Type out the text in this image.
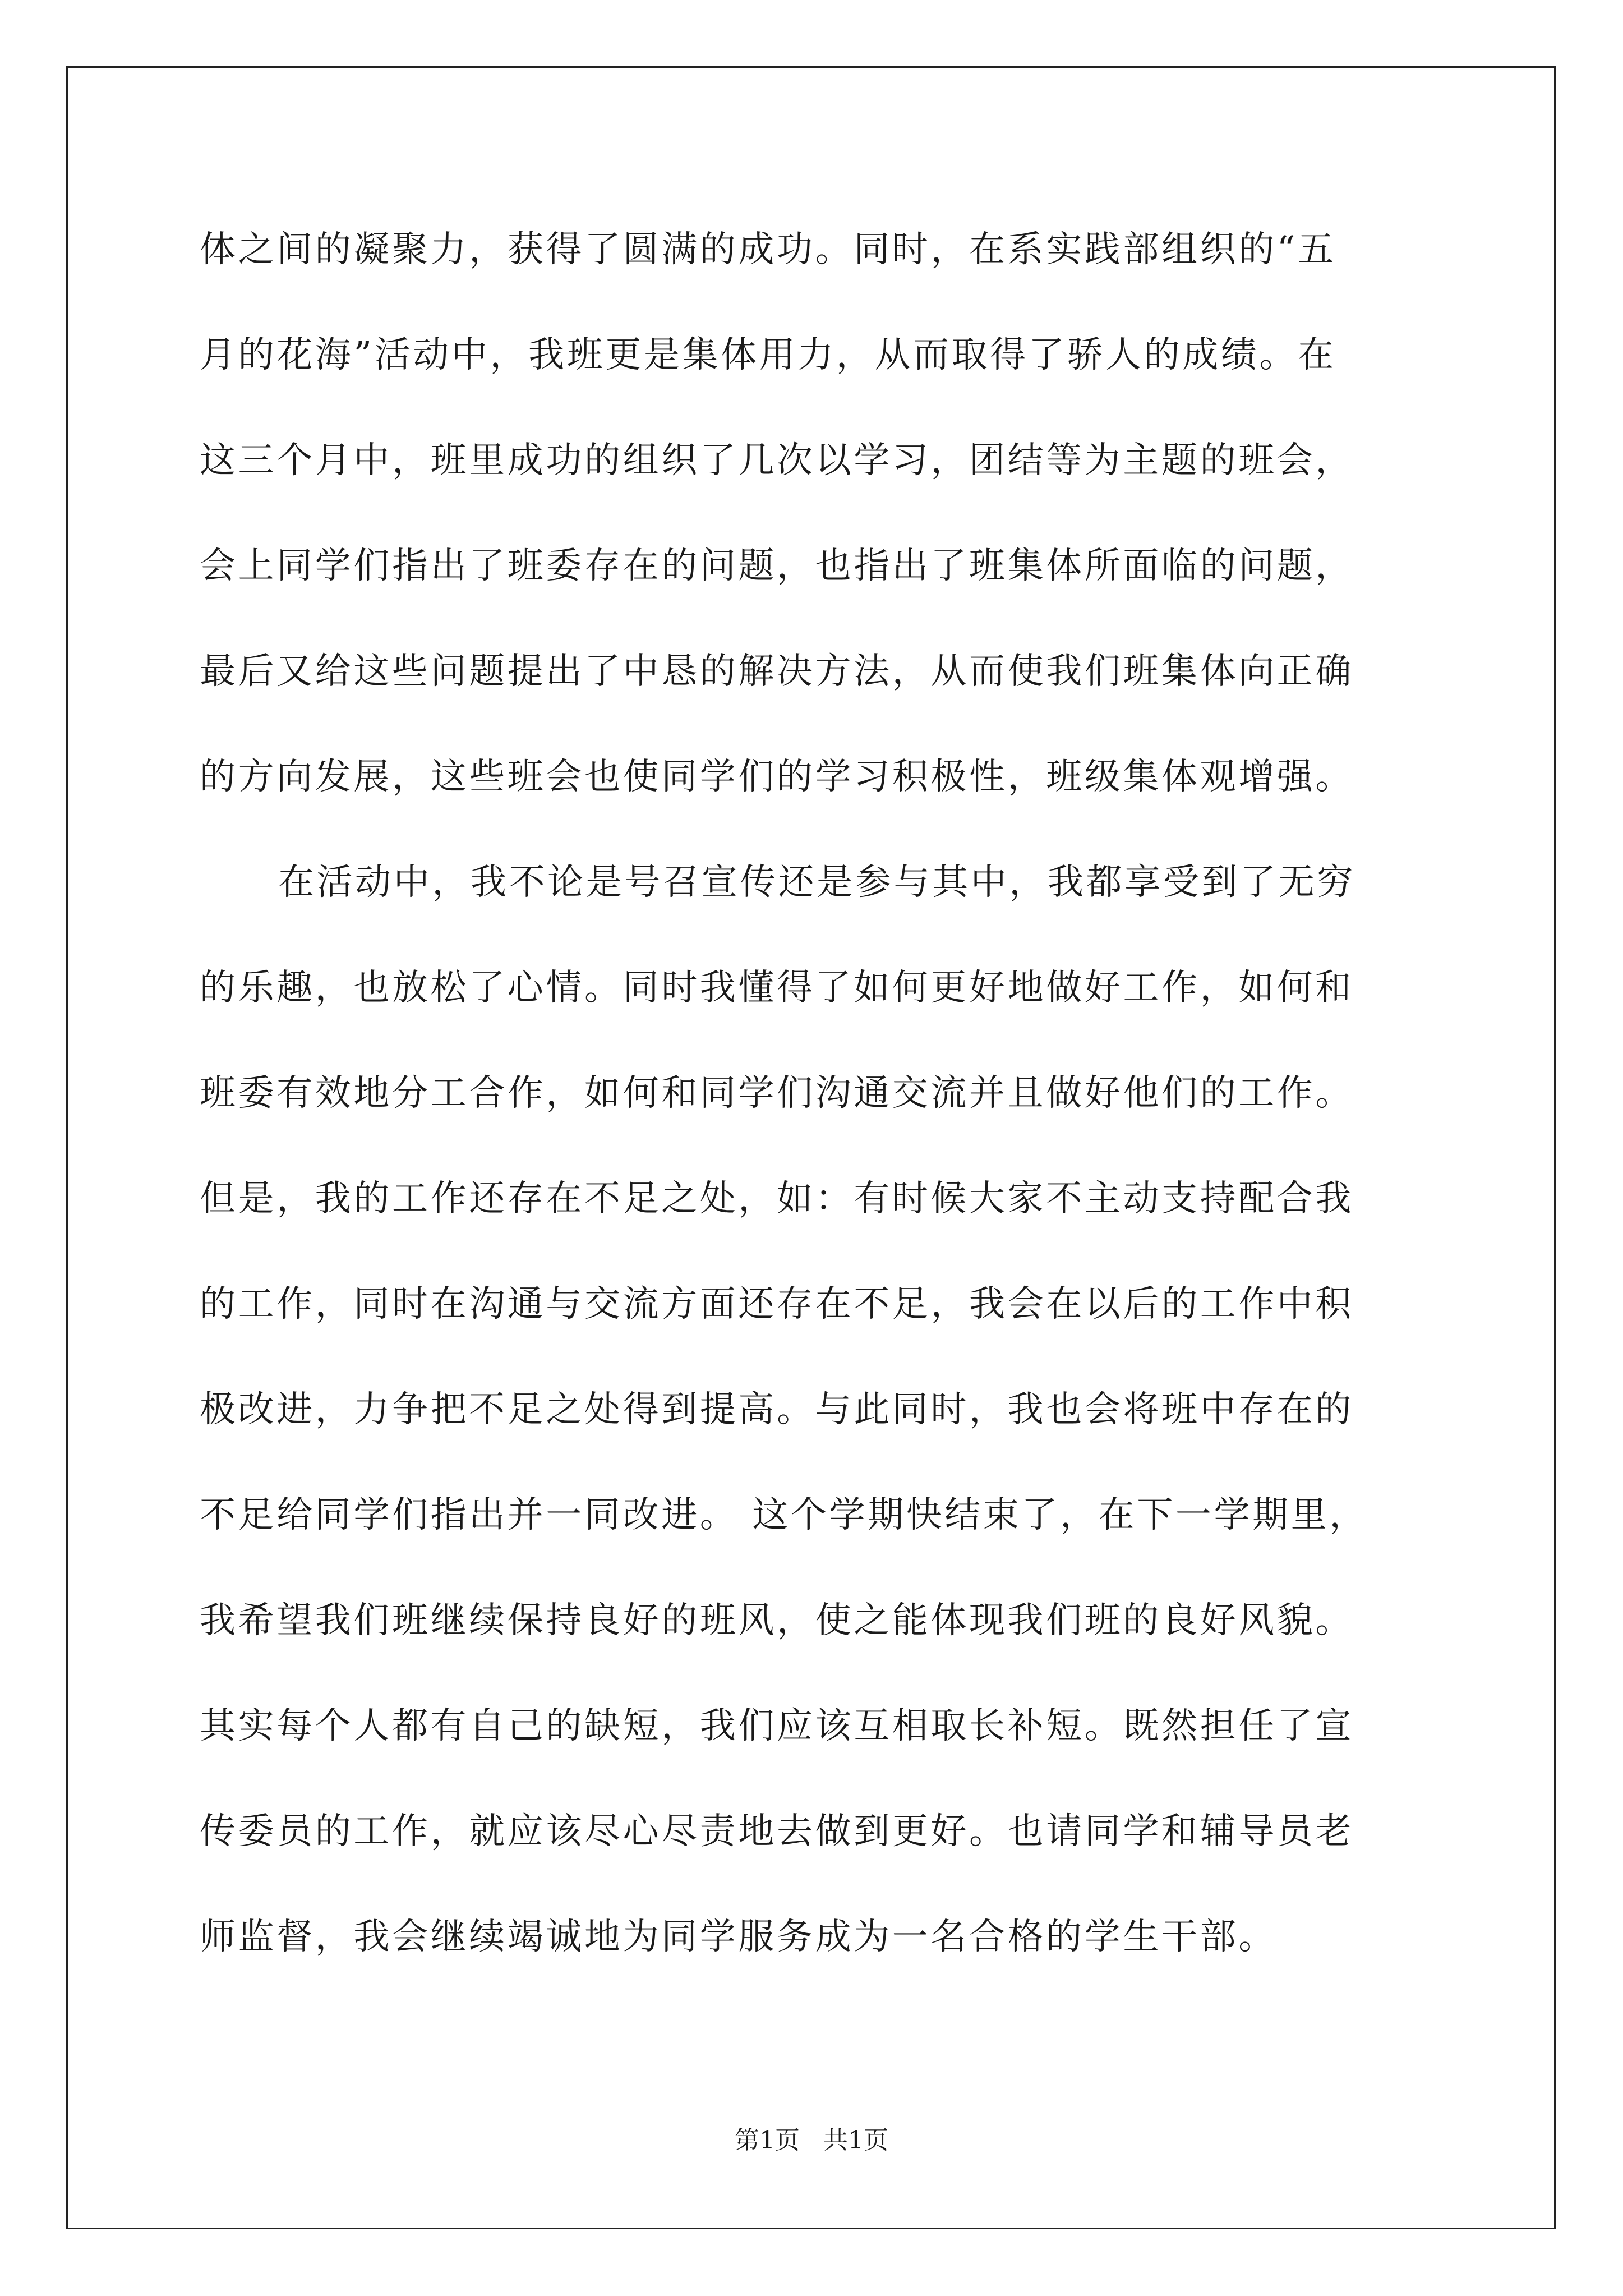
体之间的凝聚力，获得了圆满的成功。同时，在系实践部组织的“五
月的花海”活动中，我班更是集体用力，从而取得了骄人的成绩。在
这三个月中，班里成功的组织了几次以学习，团结等为主题的班会，
会上同学们指出了班委存在的问题，也指出了班集体所面临的问题，
最后又给这些问题提出了中恳的解决方法，从而使我们班集体向正确
的方向发展，这些班会也使同学们的学习积极性，班级集体观增强。
在活动中，我不论是号召宣传还是参与其中，我都享受到了无穷
的乐趣，也放松了心情。同时我懂得了如何更好地做好工作，如何和
班委有效地分工合作，如何和同学们沟通交流并且做好他们的工作。
但是，我的工作还存在不足之处，如：有时候大家不主动支持配合我
的工作，同时在沟通与交流方面还存在不足，我会在以后的工作中积
极改进，力争把不足之处得到提高。与此同时，我也会将班中存在的
不足给同学们指出并一同改进。 这个学期快结束了，在下一学期里，
我希望我们班继续保持良好的班风，使之能体现我们班的良好风貌。
其实每个人都有自己的缺短，我们应该互相取长补短。既然担任了宣
传委员的工作，就应该尽心尽责地去做到更好。也请同学和辅导员老
师监督，我会继续竭诚地为同学服务成为一名合格的学生干部。
第1页   共1页
